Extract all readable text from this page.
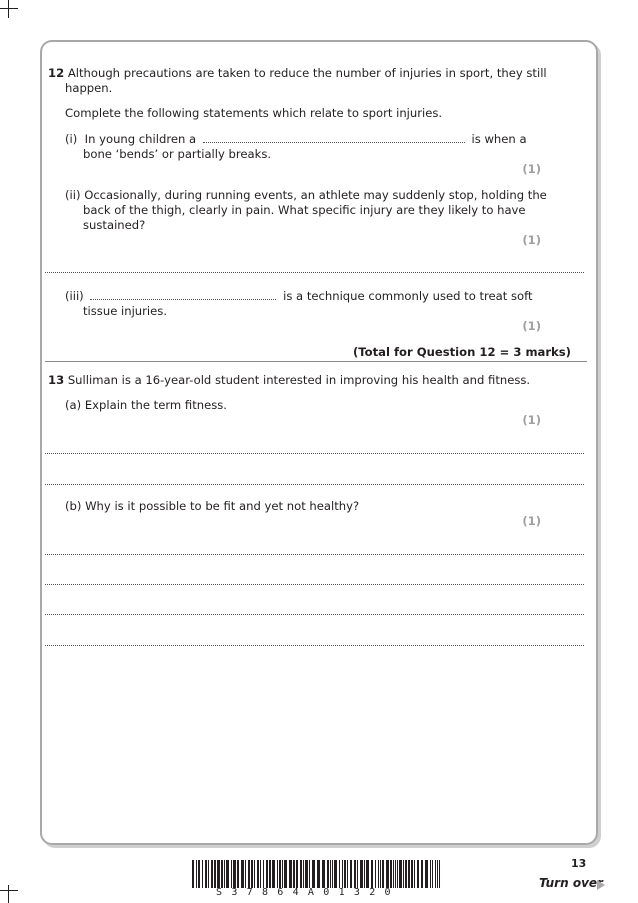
12 Although precautions are taken to reduce the number of injuries in sport, they still
happen.
Complete the following statements which relate to sport injuries.
(i) In young children a	is when a
bone ‘bends’ or partially breaks.
(1)
(ii) Occasionally, during running events, an athlete may suddenly stop, holding the
back of the thigh, clearly in pain. What specific injury are they likely to have
sustained?
(1)
(iii)	is a technique commonly used to treat soft
tissue injuries.
(1)
(Total for Question 12 = 3 marks)
13 Sulliman is a 16-year-old student interested in improving his health and fitness.
(a) Explain the term fitness.
(1)
(b) Why is it possible to be fit and yet not healthy?
(1)
13
S37864A01320
Turn over
